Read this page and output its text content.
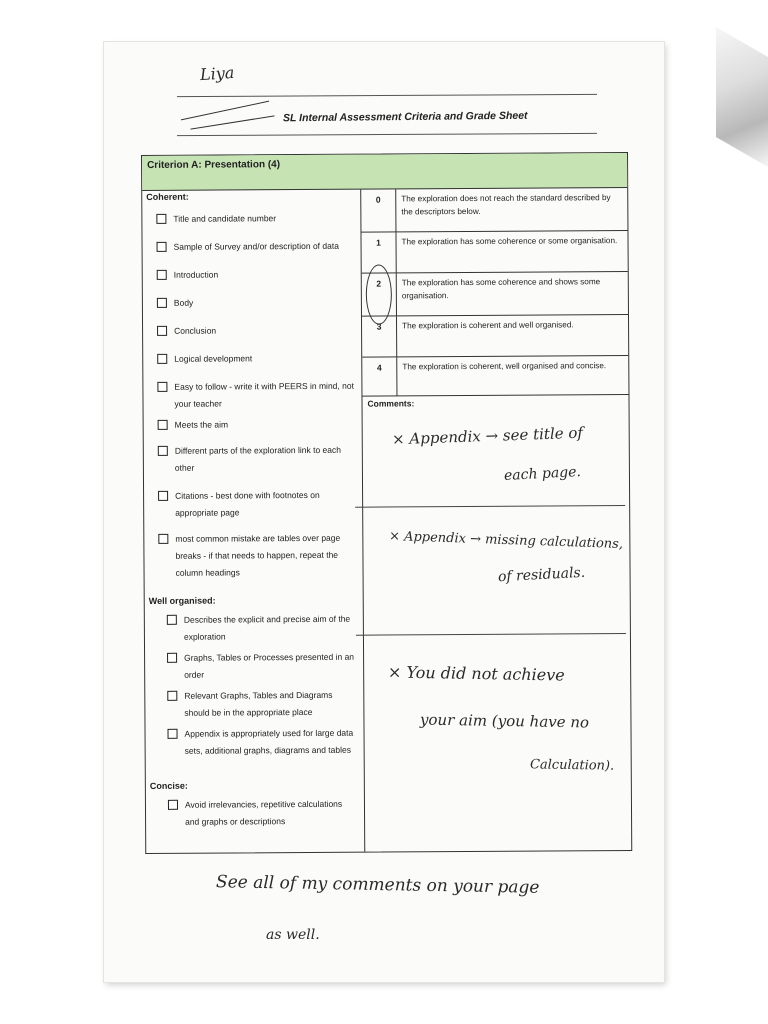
Liya
SL Internal Assessment Criteria and Grade Sheet
Criterion A: Presentation (4)
Coherent:
Title and candidate number
Sample of Survey and/or description of data
Introduction
Body
Conclusion
Logical development
Easy to follow - write it with PEERS in mind, not your teacher
Meets the aim
Different parts of the exploration link to each other
Citations - best done with footnotes on appropriate page
most common mistake are tables over page breaks - if that needs to happen, repeat the column headings
Well organised:
Describes the explicit and precise aim of the exploration
Graphs, Tables or Processes presented in an order
Relevant Graphs, Tables and Diagrams should be in the appropriate place
Appendix is appropriately used for large data sets, additional graphs, diagrams and tables
Concise:
Avoid irrelevancies, repetitive calculations and graphs or descriptions
0	The exploration does not reach the standard described by the descriptors below.
1	The exploration has some coherence or some organisation.
2	The exploration has some coherence and shows some organisation.
3	The exploration is coherent and well organised.
4	The exploration is coherent, well organised and concise.
Comments:
× Appendix → see title of
each page.
× Appendix → missing calculations,
of residuals.
× You did not achieve
your aim (you have no
Calculation).
See all of my comments on your page
as well.
